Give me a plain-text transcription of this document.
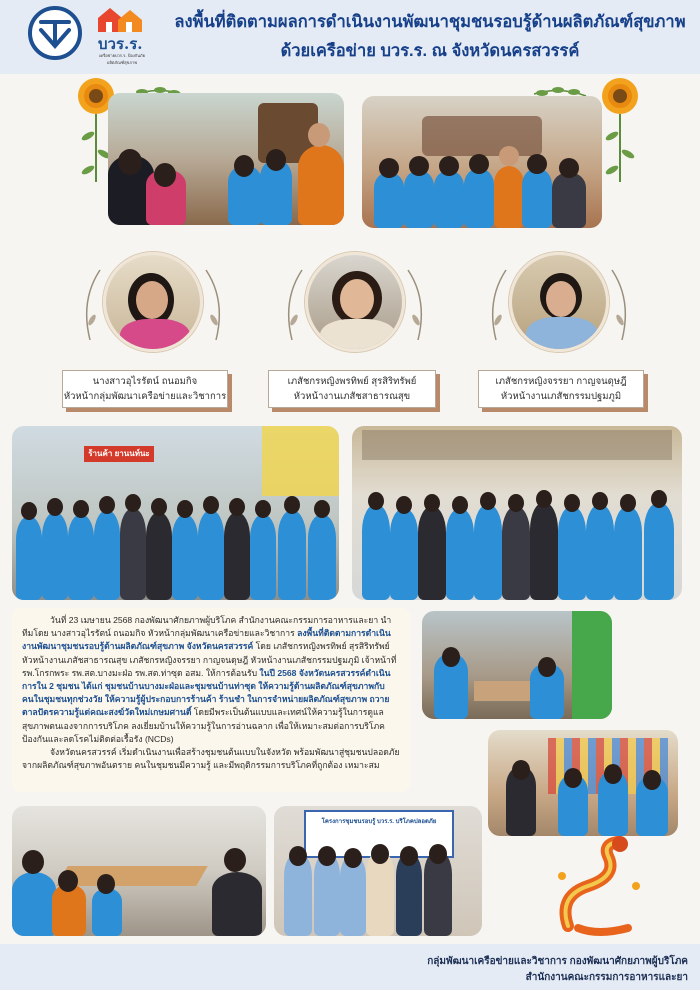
บวร.ร.
เครือข่ายบวร.ร. ป้องกันภัยผลิตภัณฑ์สุขภาพ
ลงพื้นที่ติดตามผลการดำเนินงานพัฒนาชุมชนรอบรู้ด้านผลิตภัณฑ์สุขภาพ
ด้วยเครือข่าย บวร.ร. ณ จังหวัดนครสวรรค์
นางสาวอุไรรัตน์ ถนอมกิจ
หัวหน้ากลุ่มพัฒนาเครือข่ายและวิชาการ
เภสัชกรหญิงพรทิพย์ สุรสิริทรัพย์
หัวหน้างานเภสัชสาธารณสุข
เภสัชกรหญิงจรรยา กาญจนดุษฎี
หัวหน้างานเภสัชกรรมปฐมภูมิ
ร้านค้า ยานนท์นะ

วันที่ 23 เมษายน 2568 กองพัฒนาศักยภาพผู้บริโภค สำนักงานคณะกรรมการอาหารและยา นำทีมโดย นางสาวอุไรรัตน์ ถนอมกิจ หัวหน้ากลุ่มพัฒนาเครือข่ายและวิชาการ ลงพื้นที่ติดตามการดำเนินงานพัฒนาชุมชนรอบรู้ด้านผลิตภัณฑ์สุขภาพ จังหวัดนครสวรรค์ โดย เภสัชกรหญิงพรทิพย์ สุรสิริทรัพย์ หัวหน้างานเภสัชสาธารณสุข เภสัชกรหญิงจรรยา กาญจนดุษฎี หัวหน้างานเภสัชกรรมปฐมภูมิ เจ้าหน้าที่ รพ.โกรกพระ รพ.สต.บางมะฝ่อ รพ.สต.ท่าซุด อสม. ให้การต้อนรับ ในปี 2568 จังหวัดนครสวรรค์ดำเนินการใน 2 ชุมชน ได้แก่ ชุมชนบ้านบางมะฝ่อและชุมชนบ้านท่าซุด ให้ความรู้ด้านผลิตภัณฑ์สุขภาพกับคนในชุมชนทุกช่วงวัย ให้ความรู้ผู้ประกอบการร้านค้า ร้านชำ ในการจำหน่ายผลิตภัณฑ์สุขภาพ ถวายตาลปัตรความรู้แด่คณะสงฆ์วัดใหม่เกษมศานติ์ โดยมีพระเป็นต้นแบบและเทศน์ให้ความรู้ในการดูแลสุขภาพตนเองจากการบริโภค ลงเยี่ยมบ้านให้ความรู้ในการอ่านฉลาก เพื่อให้เหมาะสมต่อการบริโภค ป้องกันและลดโรคไม่ติดต่อเรื้อรัง (NCDs)

จังหวัดนครสวรรค์ เริ่มดำเนินงานเพื่อสร้างชุมชนต้นแบบในจังหวัด พร้อมพัฒนาสู่ชุมชนปลอดภัยจากผลิตภัณฑ์สุขภาพอันตราย คนในชุมชนมีความรู้ และมีพฤติกรรมการบริโภคที่ถูกต้อง เหมาะสม

โครงการชุมชนรอบรู้ บวร.ร. บริโภคปลอดภัย
กลุ่มพัฒนาเครือข่ายและวิชาการ กองพัฒนาศักยภาพผู้บริโภค
สำนักงานคณะกรรมการอาหารและยา
